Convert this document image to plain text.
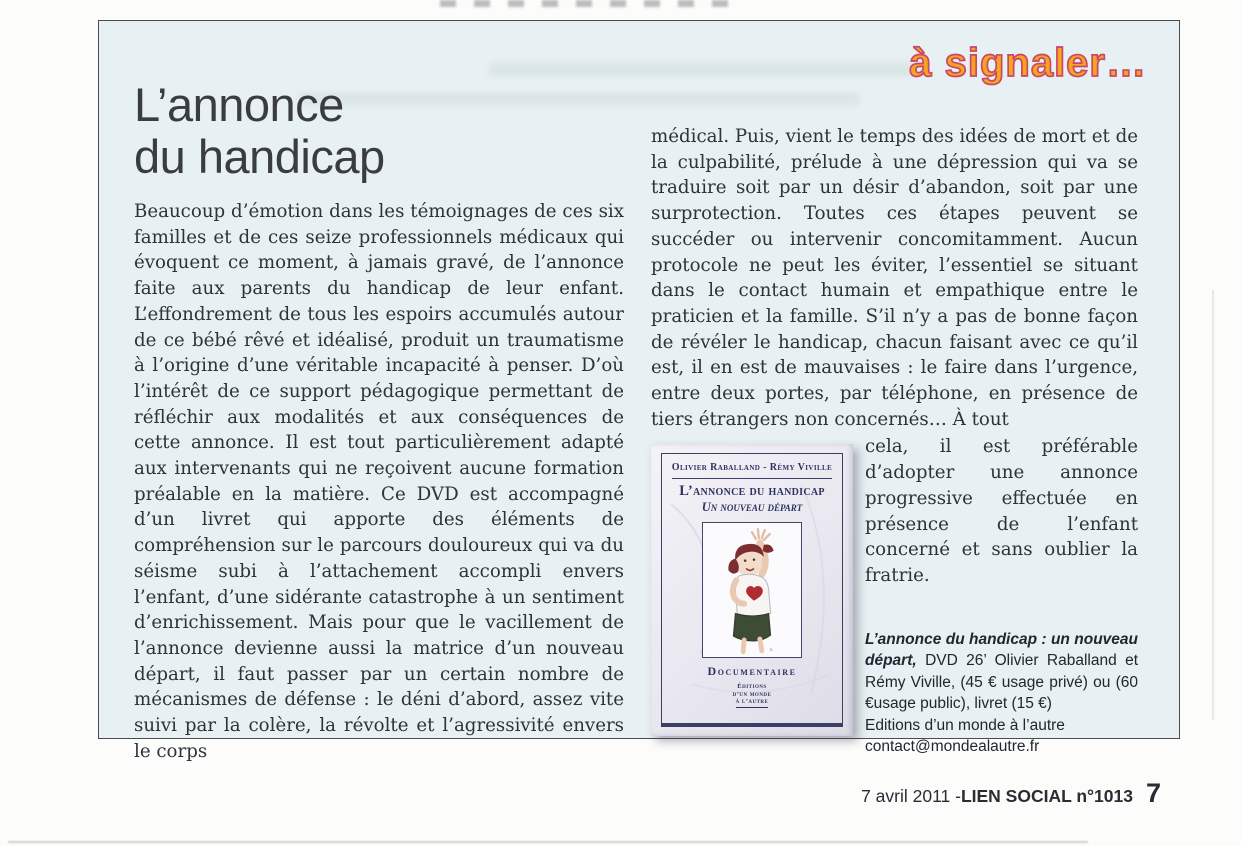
à signaler…
L’annonce
du handicap

Beaucoup d’émotion dans les témoignages de ces six familles et de ces seize professionnels médicaux qui évoquent ce moment, à jamais gravé, de l’annonce faite aux parents du handicap de leur enfant. L’effondrement de tous les espoirs accumulés autour de ce bébé rêvé et idéalisé, produit un traumatisme à l’origine d’une véritable incapacité à penser. D’où l’intérêt de ce support pédagogique permettant de réfléchir aux modalités et aux conséquences de cette annonce. Il est tout particulièrement adapté aux intervenants qui ne reçoivent aucune formation préalable en la matière. Ce DVD est accompagné d’un livret qui apporte des éléments de compréhension sur le parcours douloureux qui va du séisme subi à l’attachement accompli envers l’enfant, d’une sidérante catastrophe à un sentiment d’enrichissement. Mais pour que le vacillement de l’annonce devienne aussi la matrice d’un nouveau départ, il faut passer par un certain nombre de mécanismes de défense : le déni d’abord, assez vite suivi par la colère, la révolte et l’agressivité envers le corps

médical. Puis, vient le temps des idées de mort et de la culpabilité, prélude à une dépression qui va se traduire soit par un désir d’abandon, soit par une surprotection. Toutes ces étapes peuvent se succéder ou intervenir concomitamment. Aucun protocole ne peut les éviter, l’essentiel se situant dans le contact humain et empathique entre le praticien et la famille. S’il n’y a pas de bonne façon de révéler le handicap, chacun faisant avec ce qu’il est, il en est de mauvaises : le faire dans l’urgence, entre deux portes, par téléphone, en présence de tiers étrangers non concernés… À tout

Olivier Raballand - Rémy Viville
L’annonce du handicap
Un nouveau départ
s.
Documentaire
Éditions
d’un monde
à l’autre

cela, il est préférable d’adopter une annonce progressive effectuée en présence de l’enfant concerné et sans oublier la fratrie.

L’annonce du handicap : un nouveau départ, DVD 26’ Olivier Raballand et Rémy Viville, (45 € usage privé) ou (60 €usage public), livret (15 €)
Editions d’un monde à l’autre
contact@mondealautre.fr
7 avril 2011 - LIEN SOCIAL n°1013 7
